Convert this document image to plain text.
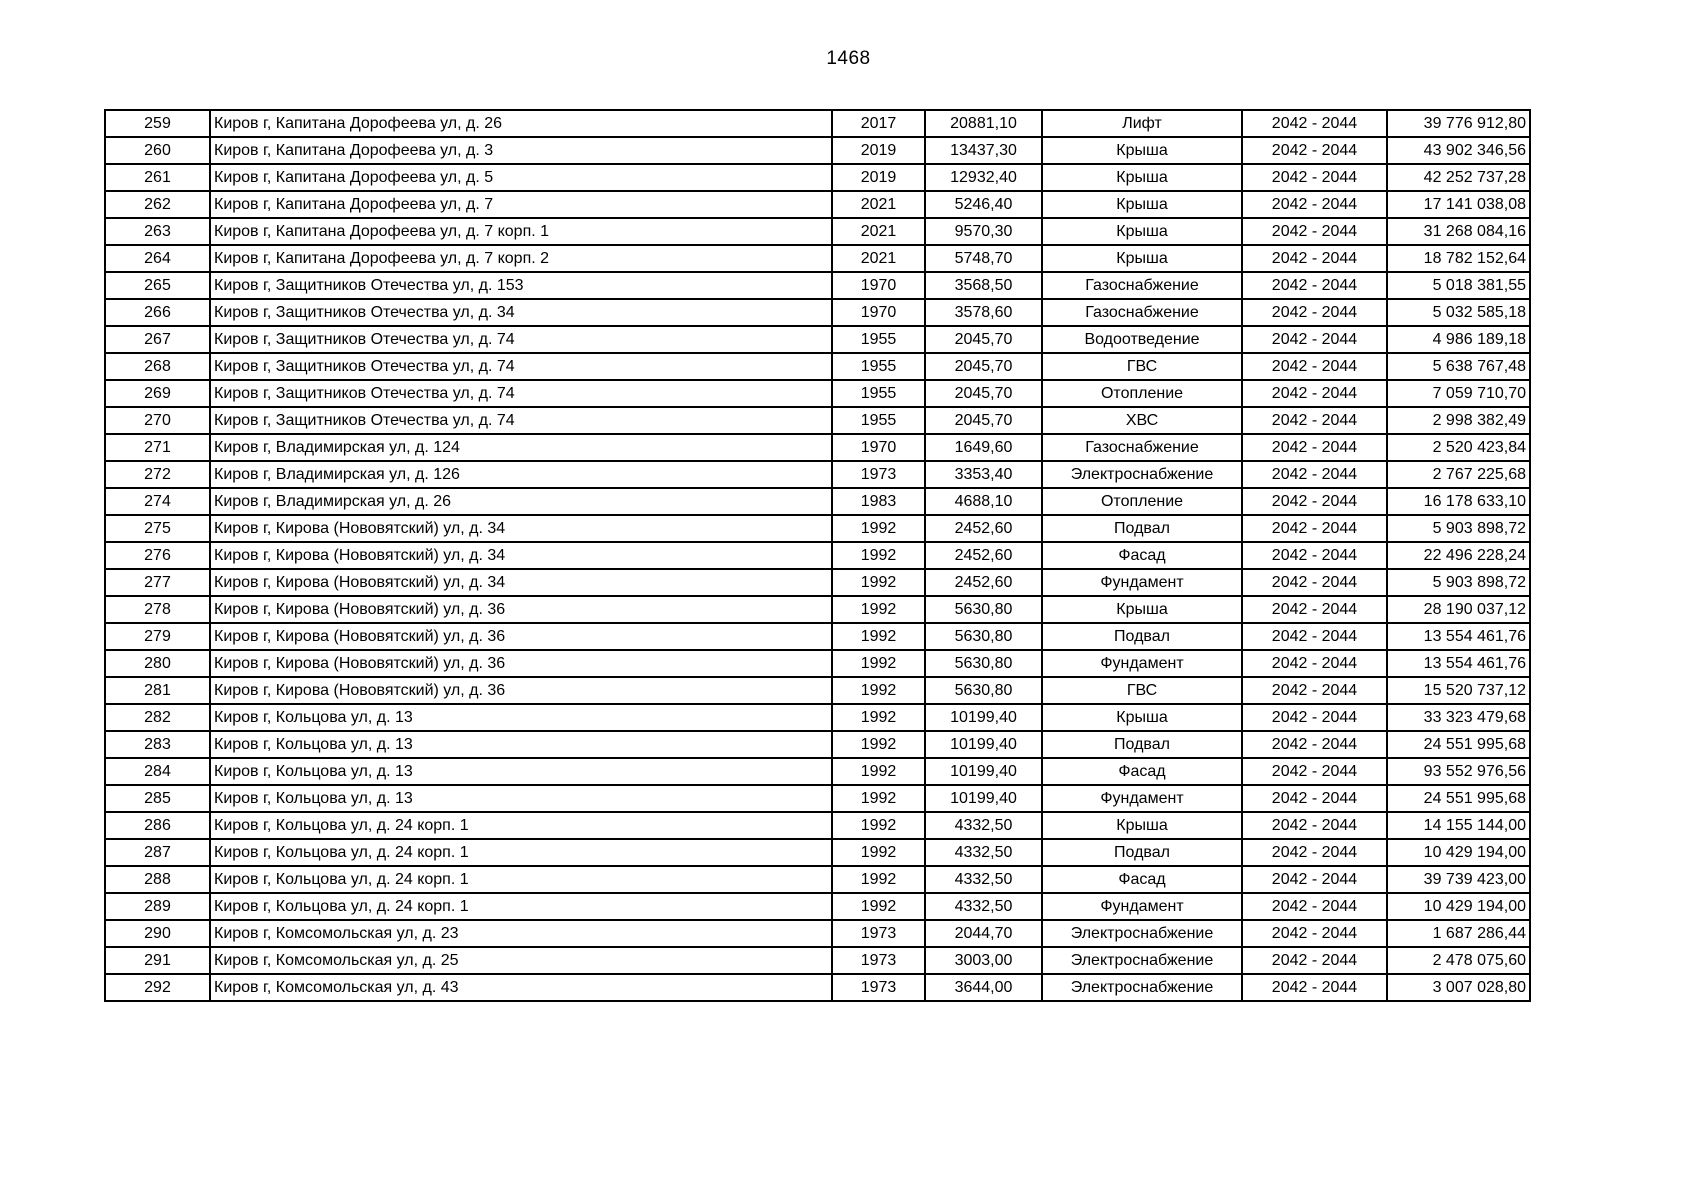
1468
259	Киров г, Капитана Дорофеева ул, д. 26	2017	20881,10	Лифт	2042 - 2044	39 776 912,80
260	Киров г, Капитана Дорофеева ул, д. 3	2019	13437,30	Крыша	2042 - 2044	43 902 346,56
261	Киров г, Капитана Дорофеева ул, д. 5	2019	12932,40	Крыша	2042 - 2044	42 252 737,28
262	Киров г, Капитана Дорофеева ул, д. 7	2021	5246,40	Крыша	2042 - 2044	17 141 038,08
263	Киров г, Капитана Дорофеева ул, д. 7 корп. 1	2021	9570,30	Крыша	2042 - 2044	31 268 084,16
264	Киров г, Капитана Дорофеева ул, д. 7 корп. 2	2021	5748,70	Крыша	2042 - 2044	18 782 152,64
265	Киров г, Защитников Отечества ул, д. 153	1970	3568,50	Газоснабжение	2042 - 2044	5 018 381,55
266	Киров г, Защитников Отечества ул, д. 34	1970	3578,60	Газоснабжение	2042 - 2044	5 032 585,18
267	Киров г, Защитников Отечества ул, д. 74	1955	2045,70	Водоотведение	2042 - 2044	4 986 189,18
268	Киров г, Защитников Отечества ул, д. 74	1955	2045,70	ГВС	2042 - 2044	5 638 767,48
269	Киров г, Защитников Отечества ул, д. 74	1955	2045,70	Отопление	2042 - 2044	7 059 710,70
270	Киров г, Защитников Отечества ул, д. 74	1955	2045,70	ХВС	2042 - 2044	2 998 382,49
271	Киров г, Владимирская ул, д. 124	1970	1649,60	Газоснабжение	2042 - 2044	2 520 423,84
272	Киров г, Владимирская ул, д. 126	1973	3353,40	Электроснабжение	2042 - 2044	2 767 225,68
274	Киров г, Владимирская ул, д. 26	1983	4688,10	Отопление	2042 - 2044	16 178 633,10
275	Киров г, Кирова (Нововятский) ул, д. 34	1992	2452,60	Подвал	2042 - 2044	5 903 898,72
276	Киров г, Кирова (Нововятский) ул, д. 34	1992	2452,60	Фасад	2042 - 2044	22 496 228,24
277	Киров г, Кирова (Нововятский) ул, д. 34	1992	2452,60	Фундамент	2042 - 2044	5 903 898,72
278	Киров г, Кирова (Нововятский) ул, д. 36	1992	5630,80	Крыша	2042 - 2044	28 190 037,12
279	Киров г, Кирова (Нововятский) ул, д. 36	1992	5630,80	Подвал	2042 - 2044	13 554 461,76
280	Киров г, Кирова (Нововятский) ул, д. 36	1992	5630,80	Фундамент	2042 - 2044	13 554 461,76
281	Киров г, Кирова (Нововятский) ул, д. 36	1992	5630,80	ГВС	2042 - 2044	15 520 737,12
282	Киров г, Кольцова ул, д. 13	1992	10199,40	Крыша	2042 - 2044	33 323 479,68
283	Киров г, Кольцова ул, д. 13	1992	10199,40	Подвал	2042 - 2044	24 551 995,68
284	Киров г, Кольцова ул, д. 13	1992	10199,40	Фасад	2042 - 2044	93 552 976,56
285	Киров г, Кольцова ул, д. 13	1992	10199,40	Фундамент	2042 - 2044	24 551 995,68
286	Киров г, Кольцова ул, д. 24 корп. 1	1992	4332,50	Крыша	2042 - 2044	14 155 144,00
287	Киров г, Кольцова ул, д. 24 корп. 1	1992	4332,50	Подвал	2042 - 2044	10 429 194,00
288	Киров г, Кольцова ул, д. 24 корп. 1	1992	4332,50	Фасад	2042 - 2044	39 739 423,00
289	Киров г, Кольцова ул, д. 24 корп. 1	1992	4332,50	Фундамент	2042 - 2044	10 429 194,00
290	Киров г, Комсомольская ул, д. 23	1973	2044,70	Электроснабжение	2042 - 2044	1 687 286,44
291	Киров г, Комсомольская ул, д. 25	1973	3003,00	Электроснабжение	2042 - 2044	2 478 075,60
292	Киров г, Комсомольская ул, д. 43	1973	3644,00	Электроснабжение	2042 - 2044	3 007 028,80
